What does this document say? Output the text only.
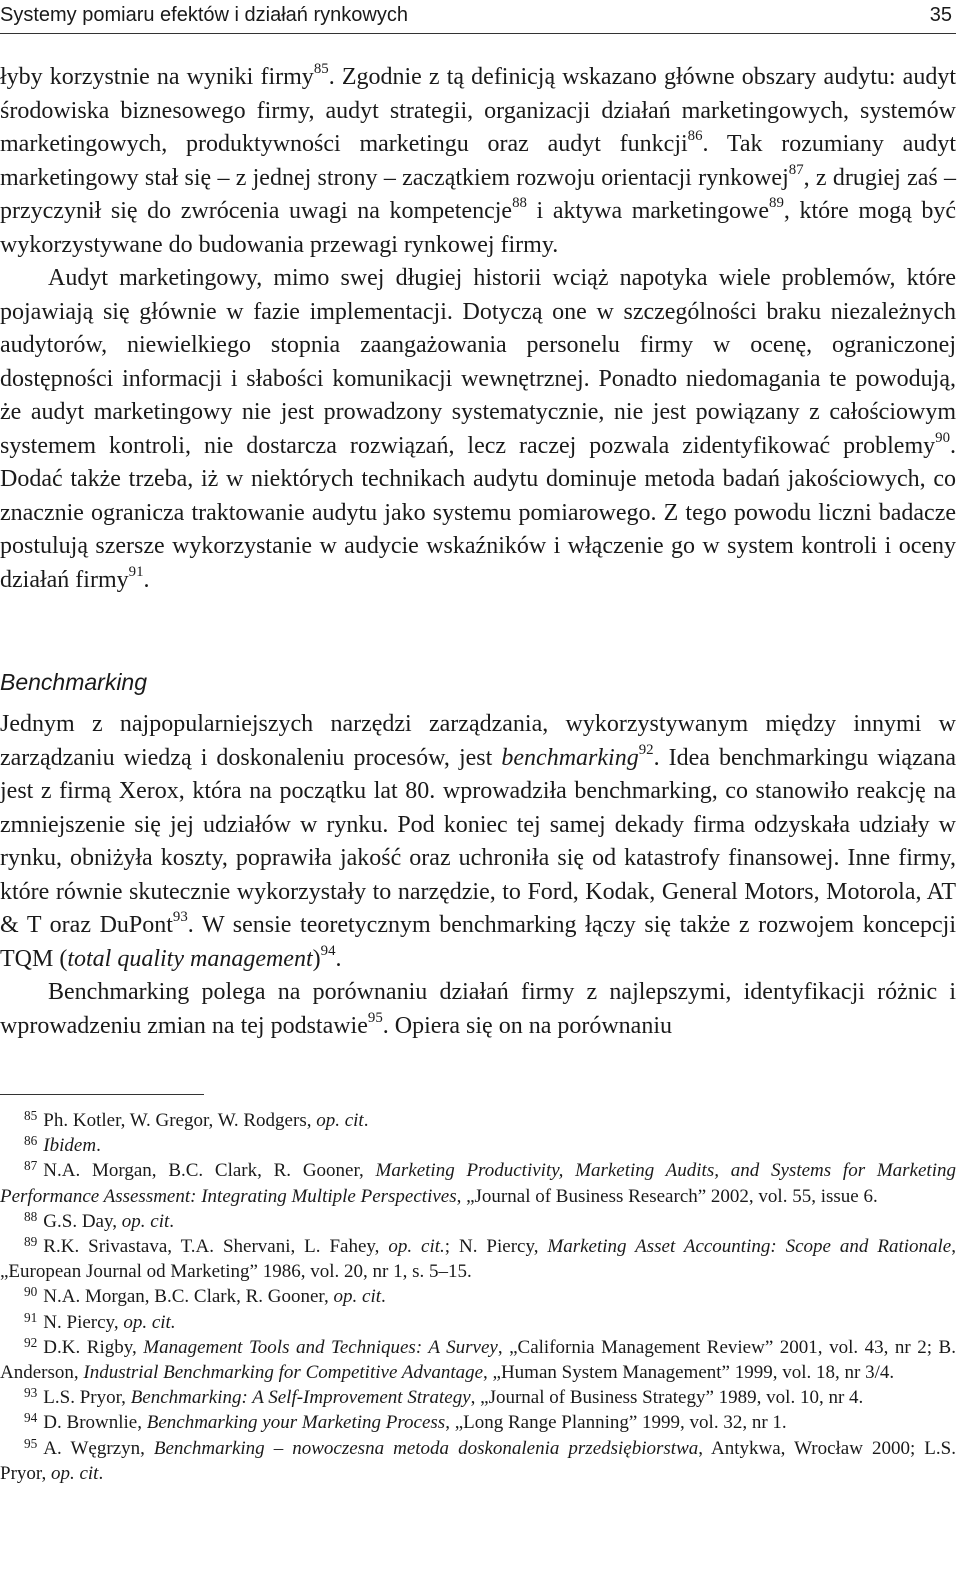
Systemy pomiaru efektów i działań rynkowych	35

łyby korzystnie na wyniki firmy$^{85}$. Zgodnie z tą definicją wskazano główne obszary audytu: audyt środowiska biznesowego firmy, audyt strategii, organizacji działań marketingowych, systemów marketingowych, produktywności marketingu oraz audyt funkcji$^{86}$. Tak rozumiany audyt marketingowy stał się – z jednej strony – zaczątkiem rozwoju orientacji rynkowej$^{87}$, z drugiej zaś – przyczynił się do zwrócenia uwagi na kompetencje$^{88}$ i aktywa marketingowe$^{89}$, które mogą być wykorzystywane do budowania przewagi rynkowej firmy.

Audyt marketingowy, mimo swej długiej historii wciąż napotyka wiele problemów, które pojawiają się głównie w fazie implementacji. Dotyczą one w szczególności braku niezależnych audytorów, niewielkiego stopnia zaangażowania personelu firmy w ocenę, ograniczonej dostępności informacji i słabości komunikacji wewnętrznej. Ponadto niedomagania te powodują, że audyt marketingowy nie jest prowadzony systematycznie, nie jest powiązany z całościowym systemem kontroli, nie dostarcza rozwiązań, lecz raczej pozwala zidentyfikować problemy$^{90}$. Dodać także trzeba, iż w niektórych technikach audytu dominuje metoda badań jakościowych, co znacznie ogranicza traktowanie audytu jako systemu pomiarowego. Z tego powodu liczni badacze postulują szersze wykorzystanie w audycie wskaźników i włączenie go w system kontroli i oceny działań firmy$^{91}$.

Benchmarking

Jednym z najpopularniejszych narzędzi zarządzania, wykorzystywanym między innymi w zarządzaniu wiedzą i doskonaleniu procesów, jest benchmarking$^{92}$. Idea benchmarkingu wiązana jest z firmą Xerox, która na początku lat 80. wprowadziła benchmarking, co stanowiło reakcję na zmniejszenie się jej udziałów w rynku. Pod koniec tej samej dekady firma odzyskała udziały w rynku, obniżyła koszty, poprawiła jakość oraz uchroniła się od katastrofy finansowej. Inne firmy, które równie skutecznie wykorzystały to narzędzie, to Ford, Kodak, General Motors, Motorola, AT & T oraz DuPont$^{93}$. W sensie teoretycznym benchmarking łączy się także z rozwojem koncepcji TQM (total quality management)$^{94}$.

Benchmarking polega na porównaniu działań firmy z najlepszymi, identyfikacji różnic i wprowadzeniu zmian na tej podstawie$^{95}$. Opiera się on na porównaniu

$^{85}$ Ph. Kotler, W. Gregor, W. Rodgers, op. cit.

$^{86}$ Ibidem.

$^{87}$ N.A. Morgan, B.C. Clark, R. Gooner, Marketing Productivity, Marketing Audits, and Systems for Marketing Performance Assessment: Integrating Multiple Perspectives, „Journal of Business Research” 2002, vol. 55, issue 6.

$^{88}$ G.S. Day, op. cit.

$^{89}$ R.K. Srivastava, T.A. Shervani, L. Fahey, op. cit.; N. Piercy, Marketing Asset Accounting: Scope and Rationale, „European Journal od Marketing” 1986, vol. 20, nr 1, s. 5–15.

$^{90}$ N.A. Morgan, B.C. Clark, R. Gooner, op. cit.

$^{91}$ N. Piercy, op. cit.

$^{92}$ D.K. Rigby, Management Tools and Techniques: A Survey, „California Management Review” 2001, vol. 43, nr 2; B. Anderson, Industrial Benchmarking for Competitive Advantage, „Human System Management” 1999, vol. 18, nr 3/4.

$^{93}$ L.S. Pryor, Benchmarking: A Self-Improvement Strategy, „Journal of Business Strategy” 1989, vol. 10, nr 4.

$^{94}$ D. Brownlie, Benchmarking your Marketing Process, „Long Range Planning” 1999, vol. 32, nr 1.

$^{95}$ A. Węgrzyn, Benchmarking – nowoczesna metoda doskonalenia przedsiębiorstwa, Antykwa, Wrocław 2000; L.S. Pryor, op. cit.
